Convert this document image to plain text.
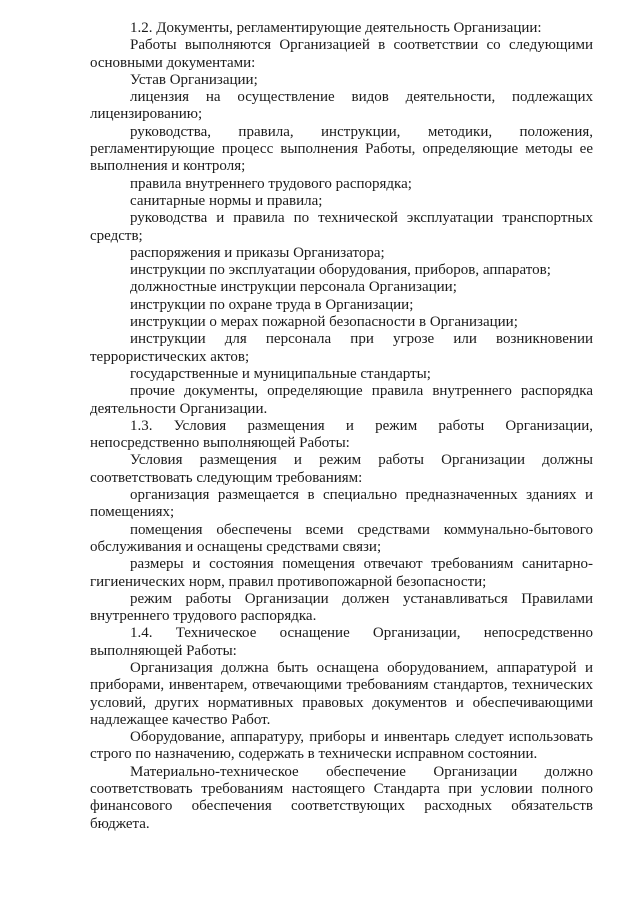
1.2. Документы, регламентирующие деятельность Организации:

Работы выполняются Организацией в соответствии со следующими основными документами:

Устав Организации;

лицензия на осуществление видов деятельности, подлежащих лицензированию;

руководства, правила, инструкции, методики, положения, регламентирующие процесс выполнения Работы, определяющие методы ее выполнения и контроля;

правила внутреннего трудового распорядка;

санитарные нормы и правила;

руководства и правила по технической эксплуатации транспортных средств;

распоряжения и приказы Организатора;

инструкции по эксплуатации оборудования, приборов, аппаратов;

должностные инструкции персонала Организации;

инструкции по охране труда в Организации;

инструкции о мерах пожарной безопасности в Организации;

инструкции для персонала при угрозе или возникновении террористических актов;

государственные и муниципальные стандарты;

прочие документы, определяющие правила внутреннего распорядка деятельности Организации.

1.3. Условия размещения и режим работы Организации, непосредственно выполняющей Работы:

Условия размещения и режим работы Организации должны соответствовать следующим требованиям:

организация размещается в специально предназначенных зданиях и помещениях;

помещения обеспечены всеми средствами коммунально-бытового обслуживания и оснащены средствами связи;

размеры и состояния помещения отвечают требованиям санитарно-гигиенических норм, правил противопожарной безопасности;

режим работы Организации должен устанавливаться Правилами внутреннего трудового распорядка.

1.4. Техническое оснащение Организации, непосредственно выполняющей Работы:

Организация должна быть оснащена оборудованием, аппаратурой и приборами, инвентарем, отвечающими требованиям стандартов, технических условий, других нормативных правовых документов и обеспечивающими надлежащее качество Работ.

Оборудование, аппаратуру, приборы и инвентарь следует использовать строго по назначению, содержать в технически исправном состоянии.

Материально-техническое обеспечение Организации должно соответствовать требованиям настоящего Стандарта при условии полного финансового обеспечения соответствующих расходных обязательств бюджета.
